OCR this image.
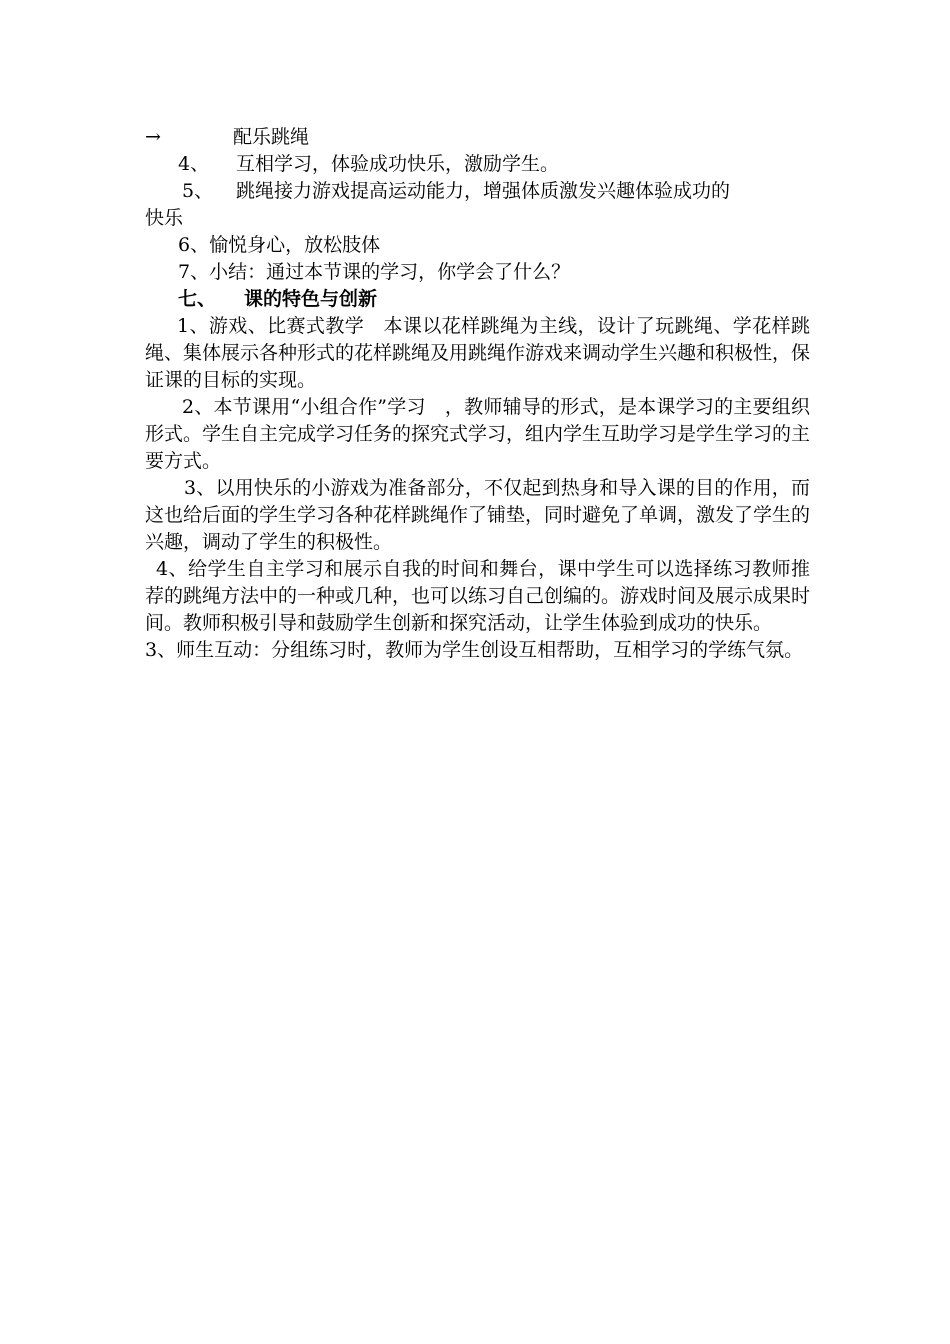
→	配乐跳绳
4、 互相学习，体验成功快乐，激励学生。
5、 跳绳接力游戏提高运动能力，增强体质激发兴趣体验成功的
快乐
6、愉悦身心，放松肢体
7、小结：通过本节课的学习，你学会了什么？
七、 课的特色与创新
1、游戏、比赛式教学　本课以花样跳绳为主线，设计了玩跳绳、学花样跳绳、集体展示各种形式的花样跳绳及用跳绳作游戏来调动学生兴趣和积极性，保证课的目标的实现。
2、本节课用“小组合作”学习　，教师辅导的形式，是本课学习的主要组织形式。学生自主完成学习任务的探究式学习，组内学生互助学习是学生学习的主要方式。
3、以用快乐的小游戏为准备部分，不仅起到热身和导入课的目的作用，而这也给后面的学生学习各种花样跳绳作了铺垫，同时避免了单调，激发了学生的兴趣，调动了学生的积极性。
4、给学生自主学习和展示自我的时间和舞台，课中学生可以选择练习教师推荐的跳绳方法中的一种或几种，也可以练习自己创编的。游戏时间及展示成果时间。教师积极引导和鼓励学生创新和探究活动，让学生体验到成功的快乐。
3、师生互动：分组练习时，教师为学生创设互相帮助，互相学习的学练气氛。
